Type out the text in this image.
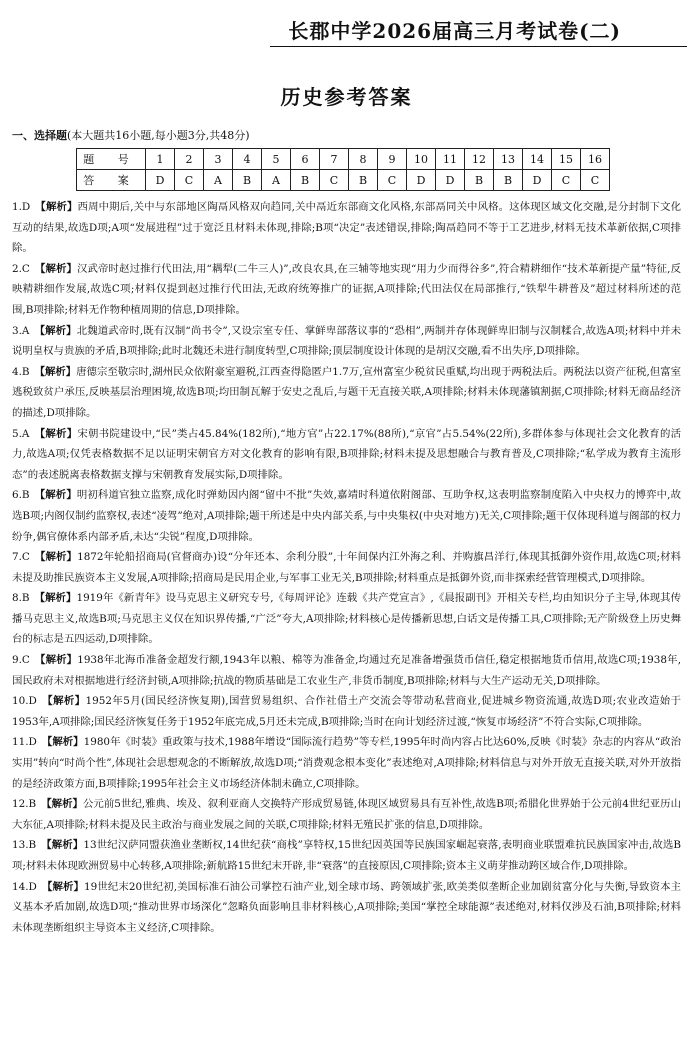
长郡中学2026届高三月考试卷(二)
历史参考答案
一、选择题(本大题共16小题,每小题3分,共48分)
题 号	1	2	3	4	5	6	7	8	9	10	11	12	13	14	15	16
答 案	D	C	A	B	A	B	C	B	C	D	D	B	B	D	C	C

1.D 【解析】西周中期后,关中与东部地区陶鬲风格双向趋同,关中鬲近东部商文化风格,东部鬲同关中风格。这体现区域文化交融,是分封制下文化互动的结果,故选D项;A项“发展进程”过于宽泛且材料未体现,排除;B项“决定”表述错误,排除;陶鬲趋同不等于工艺进步,材料无技术革新依据,C项排除。

2.C 【解析】汉武帝时赵过推行代田法,用“耦犁(二牛三人)”,改良农具,在三辅等地实现“用力少而得谷多”,符合精耕细作“技术革新提产量”特征,反映精耕细作发展,故选C项;材料仅提到赵过推行代田法,无政府统筹推广的证据,A项排除;代田法仅在局部推行,“铁犁牛耕普及”超过材料所述的范围,B项排除;材料无作物种植周期的信息,D项排除。

3.A 【解析】北魏道武帝时,既有汉制“尚书令”,又设宗室专任、掌鲜卑部落议事的“恐相”,两制并存体现鲜卑旧制与汉制糅合,故选A项;材料中并未说明皇权与贵族的矛盾,B项排除;此时北魏还未进行制度转型,C项排除;顶层制度设计体现的是胡汉交融,看不出失序,D项排除。

4.B 【解析】唐德宗至敬宗时,湖州民众依附豪室避税,江西查得隐匿户1.7万,宣州富室少税贫民重赋,均出现于两税法后。两税法以资产征税,但富室逃税致贫户承压,反映基层治理困境,故选B项;均田制瓦解于安史之乱后,与题干无直接关联,A项排除;材料未体现藩镇割据,C项排除;材料无商品经济的描述,D项排除。

5.A 【解析】宋朝书院建设中,“民”类占45.84%(182所),“地方官”占22.17%(88所),“京官”占5.54%(22所),多群体参与体现社会文化教育的活力,故选A项;仅凭表格数据不足以证明宋朝官方对文化教育的影响有限,B项排除;材料未提及思想融合与教育普及,C项排除;“私学成为教育主流形态”的表述脱离表格数据支撑与宋朝教育发展实际,D项排除。

6.B 【解析】明初科道官独立监察,成化时弹劾因内阁“留中不批”失效,嘉靖时科道依附阁部、互助争权,这表明监察制度陷入中央权力的博弈中,故选B项;内阁仅制约监察权,表述“凌驾”绝对,A项排除;题干所述是中央内部关系,与中央集权(中央对地方)无关,C项排除;题干仅体现科道与阁部的权力纷争,偶官僚体系内部矛盾,未达“尖锐”程度,D项排除。

7.C 【解析】1872年轮船招商局(官督商办)设“分年还本、余利分股”,十年间保内江外海之利、并购旗昌洋行,体现其抵御外资作用,故选C项;材料未提及助推民族资本主义发展,A项排除;招商局是民用企业,与军事工业无关,B项排除;材料重点是抵御外资,而非探索经营管理模式,D项排除。

8.B 【解析】1919年《新青年》设马克思主义研究专号,《每周评论》连载《共产党宣言》,《晨报副刊》开相关专栏,均由知识分子主导,体现其传播马克思主义,故选B项;马克思主义仅在知识界传播,“广泛”夸大,A项排除;材料核心是传播新思想,白话文是传播工具,C项排除;无产阶级登上历史舞台的标志是五四运动,D项排除。

9.C 【解析】1938年北海币准备金超发行额,1943年以粮、棉等为准备金,均通过充足准备增强货币信任,稳定根据地货币信用,故选C项;1938年,国民政府未对根据地进行经济封锁,A项排除;抗战的物质基础是工农业生产,非货币制度,B项排除;材料与大生产运动无关,D项排除。

10.D 【解析】1952年5月(国民经济恢复期),国营贸易组织、合作社借土产交流会等带动私营商业,促进城乡物资流通,故选D项;农业改造始于1953年,A项排除;国民经济恢复任务于1952年底完成,5月还未完成,B项排除;当时在向计划经济过渡,“恢复市场经济”不符合实际,C项排除。

11.D 【解析】1980年《时装》重政策与技术,1988年增设“国际流行趋势”等专栏,1995年时尚内容占比达60%,反映《时装》杂志的内容从“政治实用”转向“时尚个性”,体现社会思想观念的不断解放,故选D项;“消费观念根本变化”表述绝对,A项排除;材料信息与对外开放无直接关联,对外开放指的是经济政策方面,B项排除;1995年社会主义市场经济体制未确立,C项排除。

12.B 【解析】公元前5世纪,雅典、埃及、叙利亚商人交换特产形成贸易链,体现区域贸易具有互补性,故选B项;希腊化世界始于公元前4世纪亚历山大东征,A项排除;材料未提及民主政治与商业发展之间的关联,C项排除;材料无殖民扩张的信息,D项排除。

13.B 【解析】13世纪汉萨同盟获渔业垄断权,14世纪获“商栈”享特权,15世纪因英国等民族国家崛起衰落,表明商业联盟难抗民族国家冲击,故选B项;材料未体现欧洲贸易中心转移,A项排除;新航路15世纪末开辟,非“衰落”的直接原因,C项排除;资本主义萌芽推动跨区域合作,D项排除。

14.D 【解析】19世纪末20世纪初,美国标准石油公司掌控石油产业,划全球市场、跨领域扩张,欧美类似垄断企业加剧贫富分化与失衡,导致资本主义基本矛盾加剧,故选D项;“推动世界市场深化”忽略负面影响且非材料核心,A项排除;美国“掌控全球能源”表述绝对,材料仅涉及石油,B项排除;材料未体现垄断组织主导资本主义经济,C项排除。
